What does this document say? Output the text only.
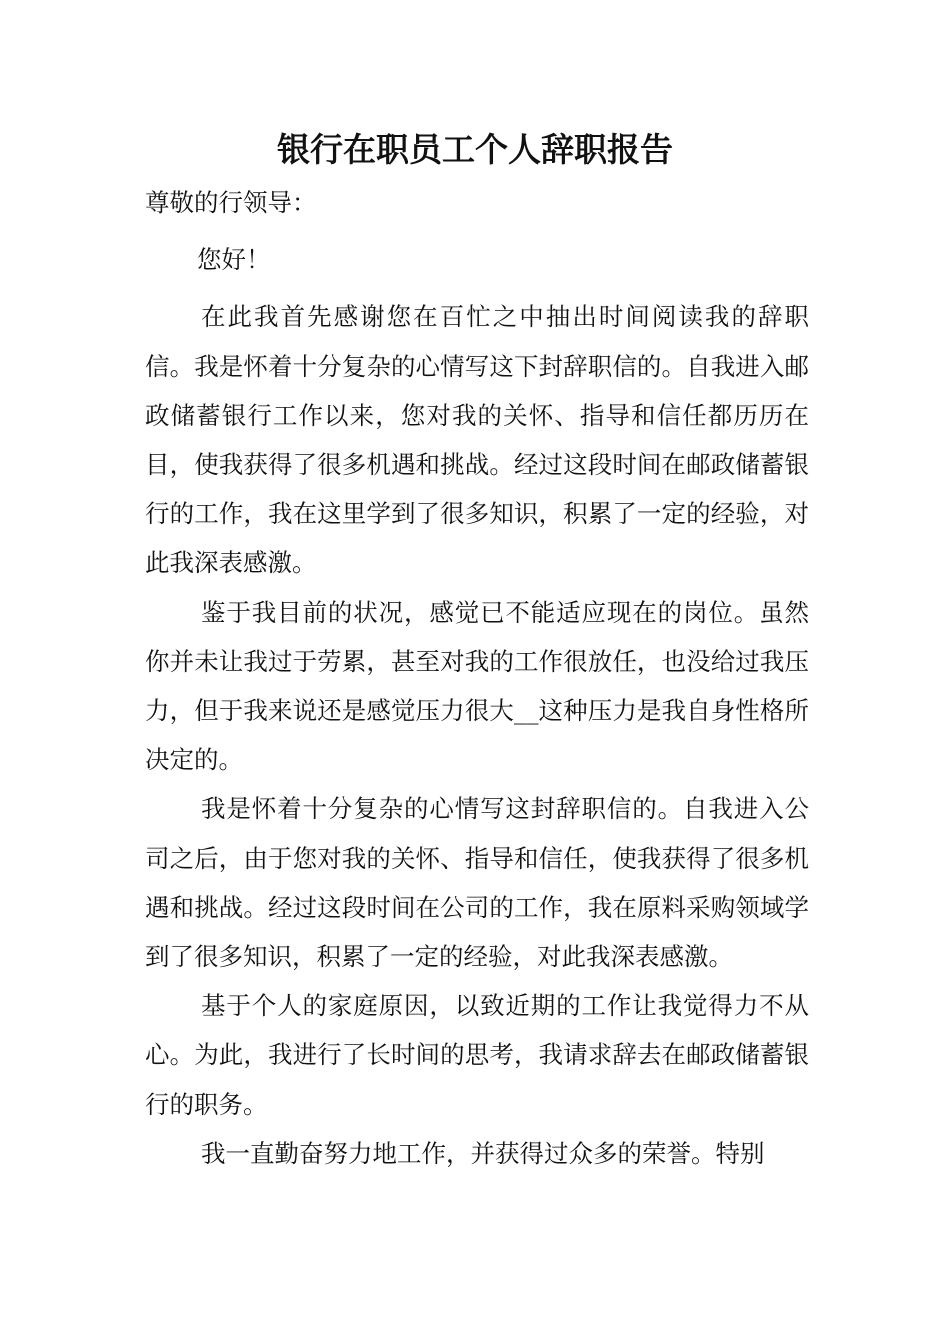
银行在职员工个人辞职报告

尊敬的行领导：

您好！

在此我首先感谢您在百忙之中抽出时间阅读我的辞职信。我是怀着十分复杂的心情写这下封辞职信的。自我进入邮政储蓄银行工作以来，您对我的关怀、指导和信任都历历在目，使我获得了很多机遇和挑战。经过这段时间在邮政储蓄银行的工作，我在这里学到了很多知识，积累了一定的经验，对此我深表感激。

鉴于我目前的状况，感觉已不能适应现在的岗位。虽然你并未让我过于劳累，甚至对我的工作很放任，也没给过我压力，但于我来说还是感觉压力很大__这种压力是我自身性格所决定的。

我是怀着十分复杂的心情写这封辞职信的。自我进入公司之后，由于您对我的关怀、指导和信任，使我获得了很多机遇和挑战。经过这段时间在公司的工作，我在原料采购领域学到了很多知识，积累了一定的经验，对此我深表感激。

基于个人的家庭原因，以致近期的工作让我觉得力不从心。为此，我进行了长时间的思考，我请求辞去在邮政储蓄银行的职务。

我一直勤奋努力地工作，并获得过众多的荣誉。特别
